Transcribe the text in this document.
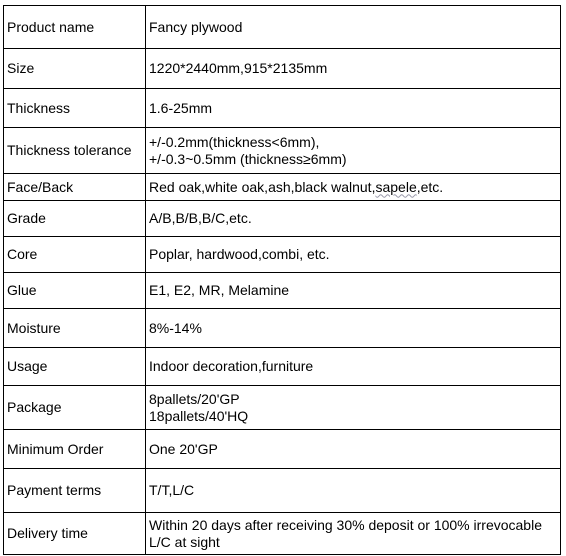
Product name	Fancy plywood

Size	1220*2440mm,915*2135mm

Thickness	1.6-25mm

Thickness tolerance	+/-0.2mm(thickness<6mm),
+/-0.3~0.5mm (thickness≥6mm)

Face/Back	Red oak,white oak,ash,black walnut,sapele,etc.
Grade	A/B,B/B,B/C,etc.

Core	Poplar, hardwood,combi, etc.

Glue	E1, E2, MR, Melamine

Moisture	8%-14%

Usage	Indoor decoration,furniture

Package	8pallets/20'GP
18pallets/40'HQ

Minimum Order	One 20'GP

Payment terms	T/T,L/C

Delivery time	Within 20 days after receiving 30% deposit or 100% irrevocable
L/C at sight
